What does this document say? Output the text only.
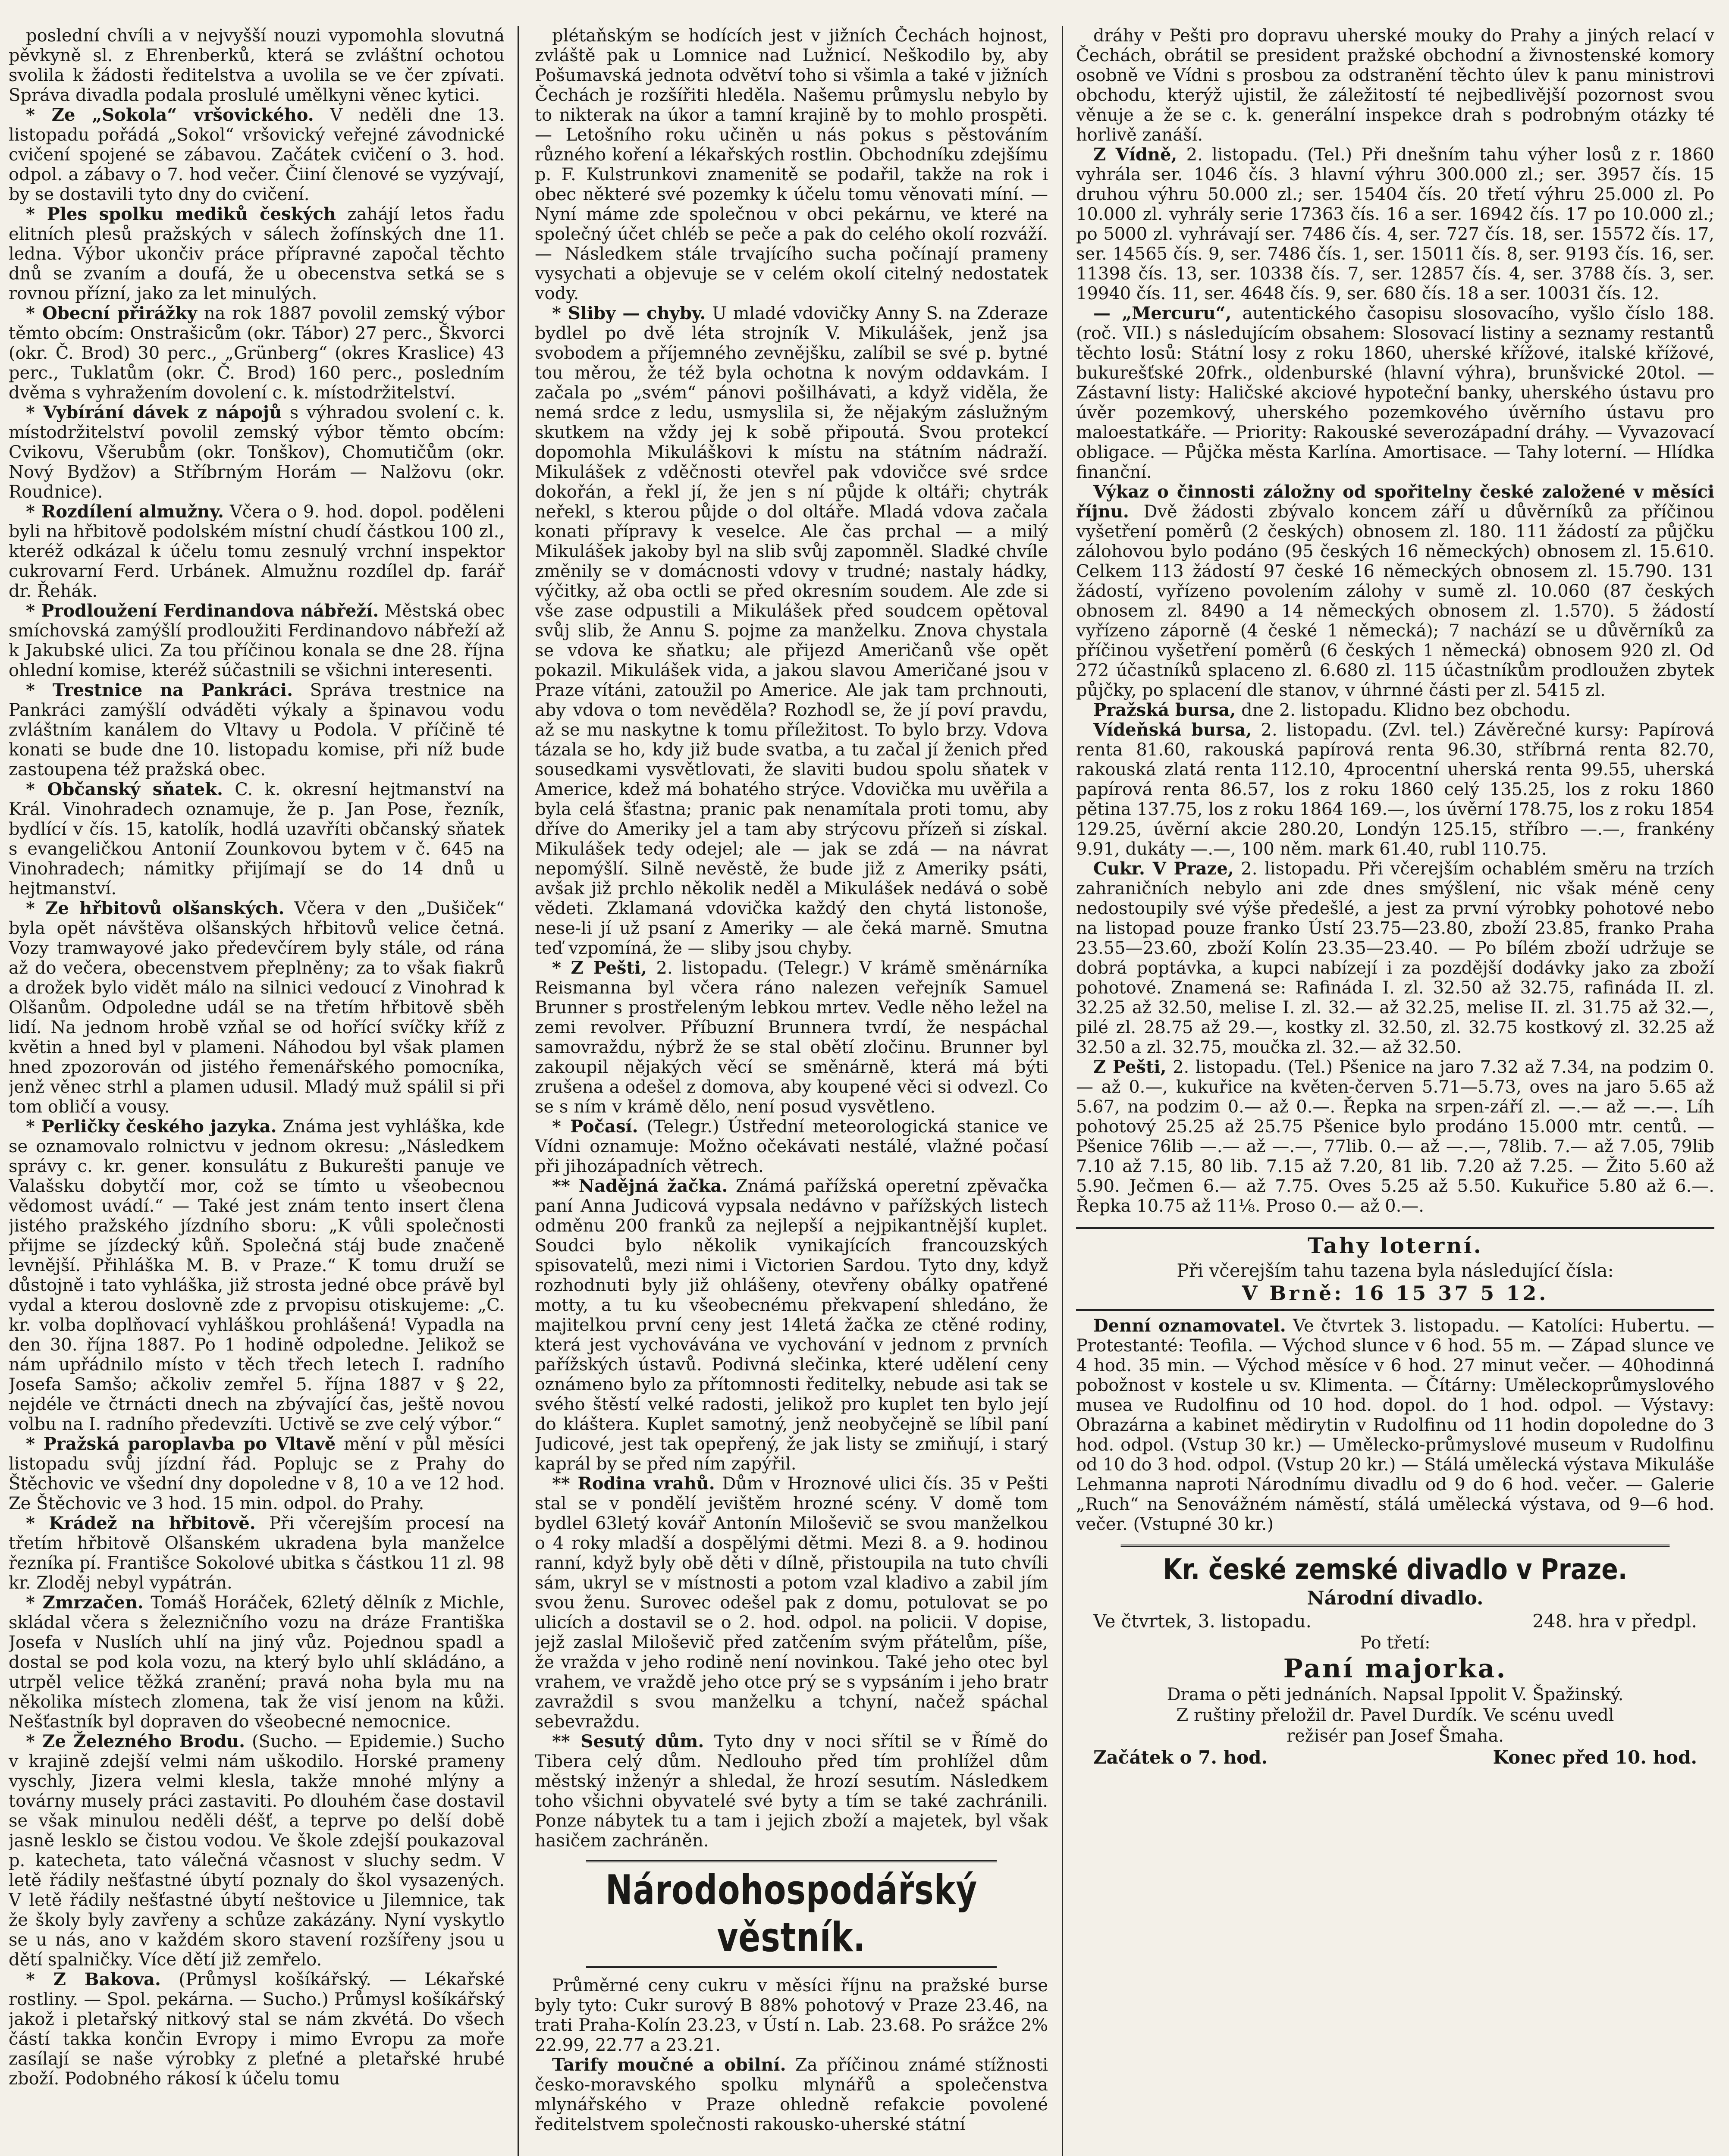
poslední chvíli a v nejvyšší nouzi vypomohla slovutná pěvkyně sl. z Ehrenberků, která se zvláštní ochotou svolila k žádosti ředitelstva a uvolila se ve čer zpívati. Správa divadla podala proslulé umělkyni věnec kytici.

* Ze „Sokola“ vršovického. V neděli dne 13. listopadu pořádá „Sokol“ vršovický veřejné závodnické cvičení spojené se zábavou. Začátek cvičení o 3. hod. odpol. a zábavy o 7. hod večer. Čiiní členové se vyzývají, by se dostavili tyto dny do cvičení.

* Ples spolku mediků českých zahájí letos řadu elitních plesů pražských v sálech žofínských dne 11. ledna. Výbor ukončiv práce přípravné započal těchto dnů se zvaním a doufá, že u obecenstva setká se s rovnou přízní, jako za let minulých.

* Obecní přirážky na rok 1887 povolil zemský výbor těmto obcím: Onstrašicům (okr. Tábor) 27 perc., Škvorci (okr. Č. Brod) 30 perc., „Grünberg“ (okres Kraslice) 43 perc., Tuklatům (okr. Č. Brod) 160 perc., posledním dvěma s vyhražením dovolení c. k. místodržitelství.

* Vybírání dávek z nápojů s výhradou svolení c. k. místodržitelství povolil zemský výbor těmto obcím: Cvikovu, Všerubům (okr. Tonškov), Chomutičům (okr. Nový Bydžov) a Stříbrným Horám — Nalžovu (okr. Roudnice).

* Rozdílení almužny. Včera o 9. hod. dopol. poděleni byli na hřbitově podolském místní chudí částkou 100 zl., kteréž odkázal k účelu tomu zesnulý vrchní inspektor cukrovarní Ferd. Urbánek. Almužnu rozdílel dp. farář dr. Řehák.

* Prodloužení Ferdinandova nábřeží. Městská obec smíchovská zamýšlí prodloužiti Ferdinandovo nábřeží až k Jakubské ulici. Za tou příčinou konala se dne 28. října ohlední komise, kteréž súčastnili se všichni interesenti.

* Trestnice na Pankráci. Správa trestnice na Pankráci zamýšlí odváděti výkaly a špinavou vodu zvláštním kanálem do Vltavy u Podola. V příčině té konati se bude dne 10. listopadu komise, při níž bude zastoupena též pražská obec.

* Občanský sňatek. C. k. okresní hejtmanství na Král. Vinohradech oznamuje, že p. Jan Pose, řezník, bydlící v čís. 15, katolík, hodlá uzavříti občanský sňatek s evangeličkou Antonií Zounkovou bytem v č. 645 na Vinohradech; námitky přijímají se do 14 dnů u hejtmanství.

* Ze hřbitovů olšanských. Včera v den „Dušiček“ byla opět návštěva olšanských hřbitovů velice četná. Vozy tramwayové jako předevčírem byly stále, od rána až do večera, obecenstvem přeplněny; za to však fiakrů a drožek bylo vidět málo na silnici vedoucí z Vinohrad k Olšanům. Odpoledne udál se na třetím hřbitově sběh lidí. Na jednom hrobě vzňal se od hořící svíčky kříž z květin a hned byl v plameni. Náhodou byl však plamen hned zpozorován od jistého řemenářského pomocníka, jenž věnec strhl a plamen udusil. Mladý muž spálil si při tom obličí a vousy.

* Perličky českého jazyka. Známa jest vyhláška, kde se oznamovalo rolnictvu v jednom okresu: „Následkem správy c. kr. gener. konsulátu z Bukurešti panuje ve Valašsku dobytčí mor, což se tímto u všeobecnou vědomost uvádí.“ — Také jest znám tento insert člena jistého pražského jízdního sboru: „K vůli společnosti přijme se jízdecký kůň. Společná stáj bude značeně levnější. Přihláška M. B. v Praze.“ K tomu druží se důstojně i tato vyhláška, již strosta jedné obce právě byl vydal a kterou doslovně zde z prvopisu otiskujeme: „C. kr. volba doplňovací vyhláškou prohlášená! Vypadla na den 30. října 1887. Po 1 hodině odpoledne. Jelikož se nám upřádnilo místo v těch třech letech I. radního Josefa Samšo; ačkoliv zemřel 5. října 1887 v § 22, nejdéle ve čtrnácti dnech na zbývající čas, ještě novou volbu na I. radního předevzíti. Uctivě se zve celý výbor.“

* Pražská paroplavba po Vltavě mění v půl měsíci listopadu svůj jízdní řád. Poplujc se z Prahy do Štěchovic ve všední dny dopoledne v 8, 10 a ve 12 hod. Ze Štěchovic ve 3 hod. 15 min. odpol. do Prahy.

* Krádež na hřbitově. Při včerejším procesí na třetím hřbitově Olšanském ukradena byla manželce řezníka pí. Františce Sokolové ubitka s částkou 11 zl. 98 kr. Zloděj nebyl vypátrán.

* Zmrzačen. Tomáš Horáček, 62letý dělník z Michle, skládal včera s železničního vozu na dráze Františka Josefa v Nuslích uhlí na jiný vůz. Pojednou spadl a dostal se pod kola vozu, na který bylo uhlí skládáno, a utrpěl velice těžká zranění; pravá noha byla mu na několika místech zlomena, tak že visí jenom na kůži. Nešťastník byl dopraven do všeobecné nemocnice.

* Ze Železného Brodu. (Sucho. — Epidemie.) Sucho v krajině zdejší velmi nám uškodilo. Horské prameny vyschly, Jizera velmi klesla, takže mnohé mlýny a továrny musely práci zastaviti. Po dlouhém čase dostavil se však minulou neděli déšť, a teprve po delší době jasně lesklo se čistou vodou. Ve škole zdejší poukazoval p. katecheta, tato válečná včasnost v sluchy sedm. V letě řádily nešťastné úbytí poznaly do škol vysazených. V letě řádily nešťastné úbytí neštovice u Jilemnice, tak že školy byly zavřeny a schůze zakázány. Nyní vyskytlo se u nás, ano v každém skoro stavení rozšířeny jsou u dětí spalničky. Více dětí již zemřelo.

* Z Bakova. (Průmysl košíkářský. — Lékařské rostliny. — Spol. pekárna. — Sucho.) Průmysl košíkářský jakož i pletařský nitkový stal se nám zkvétá. Do všech částí takka končin Evropy i mimo Evropu za moře zasílají se naše výrobky z pleťné a pletařské hrubé zboží. Podobného rákosí k účelu tomu

plétaňským se hodících jest v jižních Čechách hojnost, zvláště pak u Lomnice nad Lužnicí. Neškodilo by, aby Pošumavská jednota odvětví toho si všimla a také v jižních Čechách je rozšířiti hleděla. Našemu průmyslu nebylo by to nikterak na úkor a tamní krajině by to mohlo prospěti. — Letošního roku učiněn u nás pokus s pěstováním různého koření a lékařských rostlin. Obchodníku zdejšímu p. F. Kulstrunkovi znamenitě se podařil, takže na rok i obec některé své pozemky k účelu tomu věnovati míní. — Nyní máme zde společnou v obci pekárnu, ve které na společný účet chléb se peče a pak do celého okolí rozváží. — Následkem stále trvajícího sucha počínají prameny vysychati a objevuje se v celém okolí citelný nedostatek vody.

* Sliby — chyby. U mladé vdovičky Anny S. na Zderaze bydlel po dvě léta strojník V. Mikulášek, jenž jsa svobodem a příjemného zevnějšku, zalíbil se své p. bytné tou měrou, že též byla ochotna k novým oddavkám. I začala po „svém“ pánovi pošilhávati, a když viděla, že nemá srdce z ledu, usmyslila si, že nějakým záslužným skutkem na vždy jej k sobě připoutá. Svou protekcí dopomohla Mikuláškovi k místu na státním nádraží. Mikulášek z vděčnosti otevřel pak vdovičce své srdce dokořán, a řekl jí, že jen s ní půjde k oltáři; chytrák neřekl, s kterou půjde o dol oltáře. Mladá vdova začala konati přípravy k veselce. Ale čas prchal — a milý Mikulášek jakoby byl na slib svůj zapomněl. Sladké chvíle změnily se v domácnosti vdovy v trudné; nastaly hádky, výčitky, až oba octli se před okresním soudem. Ale zde si vše zase odpustili a Mikulášek před soudcem opětoval svůj slib, že Annu S. pojme za manželku. Znova chystala se vdova ke sňatku; ale přijezd Američanů vše opět pokazil. Mikulášek vida, a jakou slavou Američané jsou v Praze vítáni, zatoužil po Americe. Ale jak tam prchnouti, aby vdova o tom nevěděla? Rozhodl se, že jí poví pravdu, až se mu naskytne k tomu příležitost. To bylo brzy. Vdova tázala se ho, kdy již bude svatba, a tu začal jí ženich před sousedkami vysvětlovati, že slaviti budou spolu sňatek v Americe, kdež má bohatého strýce. Vdovička mu uvěřila a byla celá šťastna; pranic pak nenamítala proti tomu, aby dříve do Ameriky jel a tam aby strýcovu přízeň si získal. Mikulášek tedy odejel; ale — jak se zdá — na návrat nepomýšlí. Silně nevěstě, že bude již z Ameriky psáti, avšak již prchlo několik neděl a Mikulášek nedává o sobě vědeti. Zklamaná vdovička každý den chytá listonoše, nese-li jí už psaní z Ameriky — ale čeká marně. Smutna teď vzpomíná, že — sliby jsou chyby.

* Z Pešti, 2. listopadu. (Telegr.) V krámě směnárníka Reismanna byl včera ráno nalezen veřejník Samuel Brunner s prostřeleným lebkou mrtev. Vedle něho ležel na zemi revolver. Příbuzní Brunnera tvrdí, že nespáchal samovraždu, nýbrž že se stal obětí zločinu. Brunner byl zakoupil nějakých věcí se směnárně, která má býti zrušena a odešel z domova, aby koupené věci si odvezl. Co se s ním v krámě dělo, není posud vysvětleno.

* Počasí. (Telegr.) Ústřední meteorologická stanice ve Vídni oznamuje: Možno očekávati nestálé, vlažné počasí při jihozápadních větrech.

** Nadějná žačka. Známá pařížská operetní zpěvačka paní Anna Judicová vypsala nedávno v pařížských listech odměnu 200 franků za nejlepší a nejpikantnější kuplet. Soudci bylo několik vynikajících francouzských spisovatelů, mezi nimi i Victorien Sardou. Tyto dny, když rozhodnuti byly již ohlášeny, otevřeny obálky opatřené motty, a tu ku všeobecnému překvapení shledáno, že majitelkou první ceny jest 14letá žačka ze ctěné rodiny, která jest vychovávána ve vychování v jednom z prvních pařížských ústavů. Podivná slečinka, které udělení ceny oznámeno bylo za přítomnosti ředitelky, nebude asi tak se svého štěstí velké radosti, jelikož pro kuplet ten bylo její do kláštera. Kuplet samotný, jenž neobyčejně se líbil paní Judicové, jest tak opepřený, že jak listy se zmiňují, i starý kaprál by se před ním zapýřil.

** Rodina vrahů. Dům v Hroznové ulici čís. 35 v Pešti stal se v pondělí jevištěm hrozné scény. V domě tom bydlel 63letý kovář Antonín Miloševič se svou manželkou o 4 roky mladší a dospělými dětmi. Mezi 8. a 9. hodinou ranní, když byly obě děti v dílně, přistoupila na tuto chvíli sám, ukryl se v místnosti a potom vzal kladivo a zabil jím svou ženu. Surovec odešel pak z domu, potulovat se po ulicích a dostavil se o 2. hod. odpol. na policii. V dopise, jejž zaslal Miloševič před zatčením svým přátelům, píše, že vražda v jeho rodině není novinkou. Také jeho otec byl vrahem, ve vraždě jeho otce prý se s vypsáním i jeho bratr zavraždil s svou manželku a tchyní, načež spáchal sebevraždu.

** Sesutý dům. Tyto dny v noci sřítil se v Římě do Tibera celý dům. Nedlouho před tím prohlížel dům městský inženýr a shledal, že hrozí sesutím. Následkem toho všichni obyvatelé své byty a tím se také zachránili. Ponze nábytek tu a tam i jejich zboží a majetek, byl však hasičem zachráněn.

Národohospodářský věstník.

Průměrné ceny cukru v měsíci říjnu na pražské burse byly tyto: Cukr surový B 88% pohotový v Praze 23.46, na trati Praha-Kolín 23.23, v Ústí n. Lab. 23.68. Po srážce 2% 22.99, 22.77 a 23.21.

Tarify moučné a obilní. Za příčinou známé stížnosti česko-moravského spolku mlynářů a společenstva mlynářského v Praze ohledně refakcie povolené ředitelstvem společnosti rakousko-uherské státní

dráhy v Pešti pro dopravu uherské mouky do Prahy a jiných relací v Čechách, obrátil se president pražské obchodní a živnostenské komory osobně ve Vídni s prosbou za odstranění těchto úlev k panu ministrovi obchodu, kterýž ujistil, že záležitostí té nejbedlivější pozornost svou věnuje a že se c. k. generální inspekce drah s podrobným otázky té horlivě zanáší.

Z Vídně, 2. listopadu. (Tel.) Při dnešním tahu výher losů z r. 1860 vyhrála ser. 1046 čís. 3 hlavní výhru 300.000 zl.; ser. 3957 čís. 15 druhou výhru 50.000 zl.; ser. 15404 čís. 20 třetí výhru 25.000 zl. Po 10.000 zl. vyhrály serie 17363 čís. 16 a ser. 16942 čís. 17 po 10.000 zl.; po 5000 zl. vyhrávají ser. 7486 čís. 4, ser. 727 čís. 18, ser. 15572 čís. 17, ser. 14565 čís. 9, ser. 7486 čís. 1, ser. 15011 čís. 8, ser. 9193 čís. 16, ser. 11398 čís. 13, ser. 10338 čís. 7, ser. 12857 čís. 4, ser. 3788 čís. 3, ser. 19940 čís. 11, ser. 4648 čís. 9, ser. 680 čís. 18 a ser. 10031 čís. 12.

— „Mercuru“, autentického časopisu slosovacího, vyšlo číslo 188. (roč. VII.) s následujícím obsahem: Slosovací listiny a seznamy restantů těchto losů: Státní losy z roku 1860, uherské křížové, italské křížové, bukurešťské 20frk., oldenburské (hlavní výhra), brunšvické 20tol. — Zástavní listy: Haličské akciové hypoteční banky, uherského ústavu pro úvěr pozemkový, uherského pozemkového úvěrního ústavu pro maloestatkáře. — Priority: Rakouské severozápadní dráhy. — Vyvazovací obligace. — Půjčka města Karlína. Amortisace. — Tahy loterní. — Hlídka finanční.

Výkaz o činnosti záložny od spořitelny české založené v měsíci říjnu. Dvě žádosti zbývalo koncem září u důvěrníků za příčinou vyšetření poměrů (2 českých) obnosem zl. 180. 111 žádostí za půjčku zálohovou bylo podáno (95 českých 16 německých) obnosem zl. 15.610. Celkem 113 žádostí 97 české 16 německých obnosem zl. 15.790. 131 žádostí, vyřízeno povolením zálohy v sumě zl. 10.060 (87 českých obnosem zl. 8490 a 14 německých obnosem zl. 1.570). 5 žádostí vyřízeno záporně (4 české 1 německá); 7 nachází se u důvěrníků za příčinou vyšetření poměrů (6 českých 1 německá) obnosem 920 zl. Od 272 účastníků splaceno zl. 6.680 zl. 115 účastníkům prodloužen zbytek půjčky, po splacení dle stanov, v úhrnné části per zl. 5415 zl.

Pražská bursa, dne 2. listopadu. Klidno bez obchodu.

Vídeňská bursa, 2. listopadu. (Zvl. tel.) Závěrečné kursy: Papírová renta 81.60, rakouská papírová renta 96.30, stříbrná renta 82.70, rakouská zlatá renta 112.10, 4procentní uherská renta 99.55, uherská papírová renta 86.57, los z roku 1860 celý 135.25, los z roku 1860 pětina 137.75, los z roku 1864 169.—, los úvěrní 178.75, los z roku 1854 129.25, úvěrní akcie 280.20, Londýn 125.15, stříbro —.—, frankény 9.91, dukáty —.—, 100 něm. mark 61.40, rubl 110.75.

Cukr. V Praze, 2. listopadu. Při včerejším ochablém směru na trzích zahraničních nebylo ani zde dnes smýšlení, nic však méně ceny nedostoupily své výše předešlé, a jest za první výrobky pohotové nebo na listopad pouze franko Ústí 23.75—23.80, zboží 23.85, franko Praha 23.55—23.60, zboží Kolín 23.35—23.40. — Po bílém zboží udržuje se dobrá poptávka, a kupci nabízejí i za pozdější dodávky jako za zboží pohotové. Znamená se: Rafináda I. zl. 32.50 až 32.75, rafináda II. zl. 32.25 až 32.50, melise I. zl. 32.— až 32.25, melise II. zl. 31.75 až 32.—, pilé zl. 28.75 až 29.—, kostky zl. 32.50, zl. 32.75 kostkový zl. 32.25 až 32.50 a zl. 32.75, moučka zl. 32.— až 32.50.

Z Pešti, 2. listopadu. (Tel.) Pšenice na jaro 7.32 až 7.34, na podzim 0.— až 0.—, kukuřice na květen-červen 5.71—5.73, oves na jaro 5.65 až 5.67, na podzim 0.— až 0.—. Řepka na srpen-září zl. —.— až —.—. Líh pohotový 25.25 až 25.75 Pšenice bylo prodáno 15.000 mtr. centů. — Pšenice 76lib —.— až —.—, 77lib. 0.— až —.—, 78lib. 7.— až 7.05, 79lib 7.10 až 7.15, 80 lib. 7.15 až 7.20, 81 lib. 7.20 až 7.25. — Žito 5.60 až 5.90. Ječmen 6.— až 7.75. Oves 5.25 až 5.50. Kukuřice 5.80 až 6.—. Řepka 10.75 až 11⅛. Proso 0.— až 0.—.

Tahy loterní.
Při včerejším tahu tazena byla následující čísla:
V Brně: 16 15 37 5 12.

Denní oznamovatel. Ve čtvrtek 3. listopadu. — Katolíci: Hubertu. — Protestanté: Teofila. — Východ slunce v 6 hod. 55 m. — Západ slunce ve 4 hod. 35 min. — Východ měsíce v 6 hod. 27 minut večer. — 40hodinná pobožnost v kostele u sv. Klimenta. — Čítárny: Uměleckoprůmyslového musea ve Rudolfinu od 10 hod. dopol. do 1 hod. odpol. — Výstavy: Obrazárna a kabinet mědirytin v Rudolfinu od 11 hodin dopoledne do 3 hod. odpol. (Vstup 30 kr.) — Umělecko-průmyslové museum v Rudolfinu od 10 do 3 hod. odpol. (Vstup 20 kr.) — Stálá umělecká výstava Mikuláše Lehmanna naproti Národnímu divadlu od 9 do 6 hod. večer. — Galerie „Ruch“ na Senovážném náměstí, stálá umělecká výstava, od 9—6 hod. večer. (Vstupné 30 kr.)

Kr. české zemské divadlo v Praze.
Národní divadlo.
Ve čtvrtek, 3. listopadu.	248. hra v předpl.
Po třetí:
Paní majorka.
Drama o pěti jednáních. Napsal Ippolit V. Špažinský.
Z ruštiny přeložil dr. Pavel Durdík. Ve scénu uvedl
režisér pan Josef Šmaha.
Začátek o 7. hod.	Konec před 10. hod.
